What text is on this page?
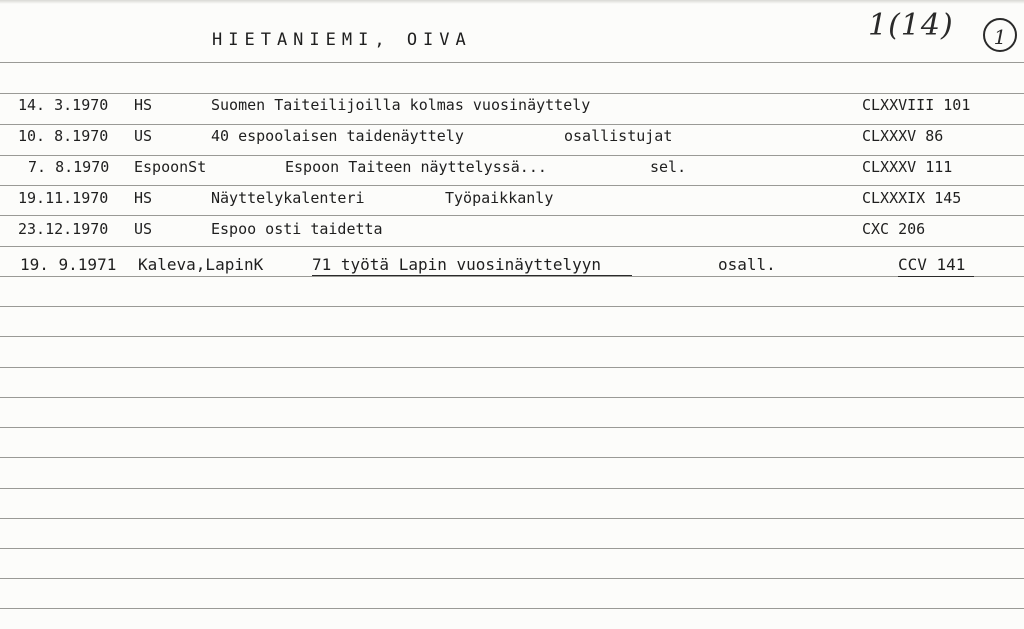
HIETANIEMI, OIVA	1(14)	1
14. 3.1970 HS	Suomen Taiteilijoilla kolmas vuosinäyttely	CLXXVIII 101
10. 8.1970 US	40 espoolaisen taidenäyttely	osallistujat	CLXXXV 86
7. 8.1970 EspoonSt	Espoon Taiteen näyttelyssä...	sel.	CLXXXV 111
19.11.1970 HS	Näyttelykalenteri	Työpaikkanly	CLXXXIX 145
23.12.1970 US	Espoo osti taidetta	CXC 206
19. 9.1971 Kaleva,LapinK	71 työtä Lapin vuosinäyttelyyn	osall.	CCV 141
